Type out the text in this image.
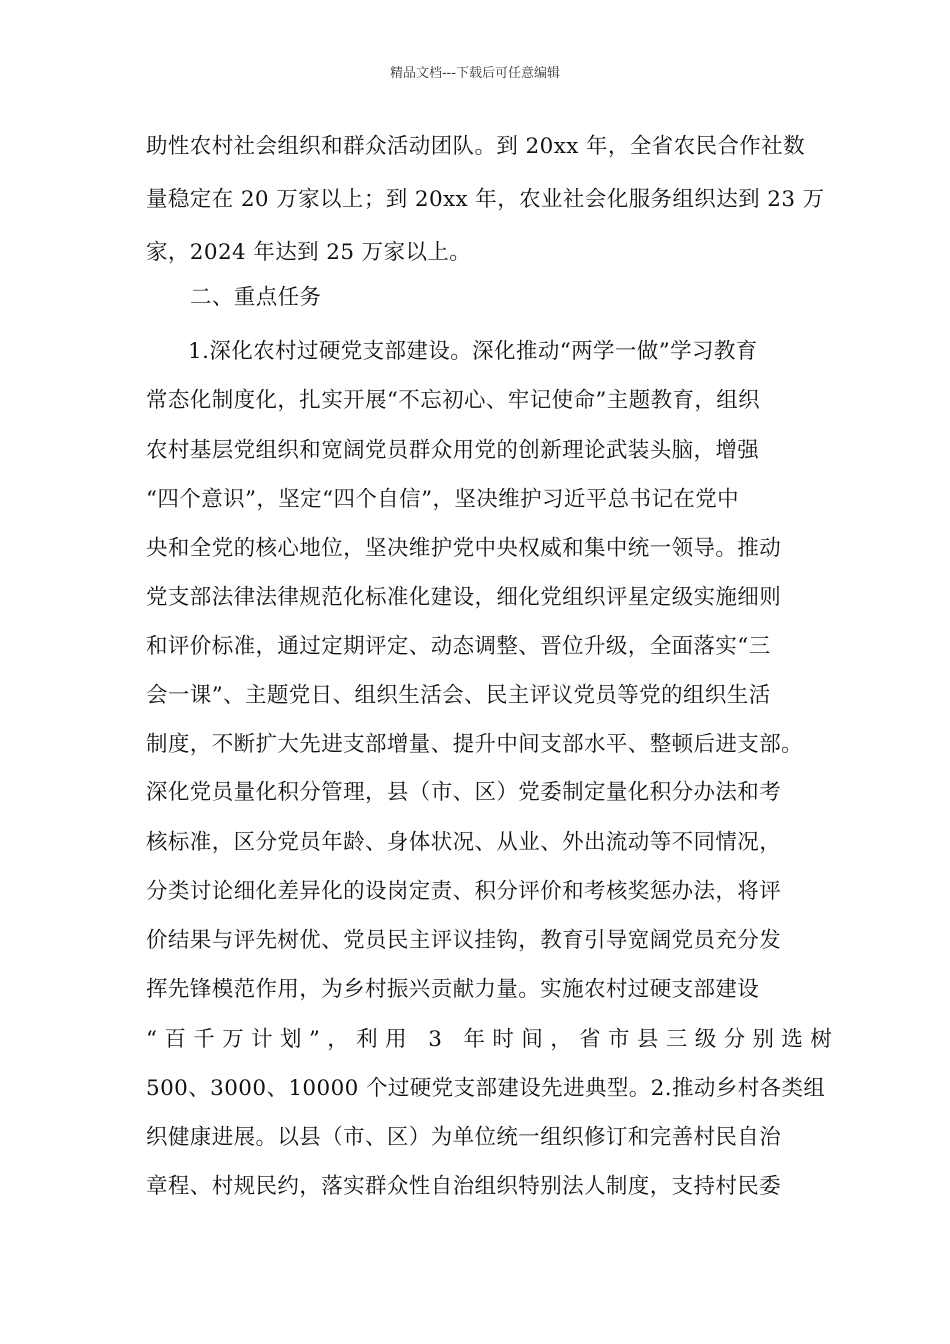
精品文档---下载后可任意编辑
助性农村社会组织和群众活动团队。到 20xx 年，全省农民合作社数
量稳定在 20 万家以上；到 20xx 年，农业社会化服务组织达到 23 万
家，2024 年达到 25 万家以上。
二、重点任务
1.深化农村过硬党支部建设。深化推动“两学一做”学习教育
常态化制度化，扎实开展“不忘初心、牢记使命”主题教育，组织
农村基层党组织和宽阔党员群众用党的创新理论武装头脑，增强
“四个意识”，坚定“四个自信”，坚决维护习近平总书记在党中
央和全党的核心地位，坚决维护党中央权威和集中统一领导。推动
党支部法律法律规范化标准化建设，细化党组织评星定级实施细则
和评价标准，通过定期评定、动态调整、晋位升级，全面落实“三
会一课”、主题党日、组织生活会、民主评议党员等党的组织生活
制度，不断扩大先进支部增量、提升中间支部水平、整顿后进支部。
深化党员量化积分管理，县（市、区）党委制定量化积分办法和考
核标准，区分党员年龄、身体状况、从业、外出流动等不同情况，
分类讨论细化差异化的设岗定责、积分评价和考核奖惩办法，将评
价结果与评先树优、党员民主评议挂钩，教育引导宽阔党员充分发
挥先锋模范作用，为乡村振兴贡献力量。实施农村过硬支部建设
“百千万计划”，利用 3 年时间，省市县三级分别选树
500、3000、10000 个过硬党支部建设先进典型。2.推动乡村各类组
织健康进展。以县（市、区）为单位统一组织修订和完善村民自治
章程、村规民约，落实群众性自治组织特别法人制度，支持村民委
